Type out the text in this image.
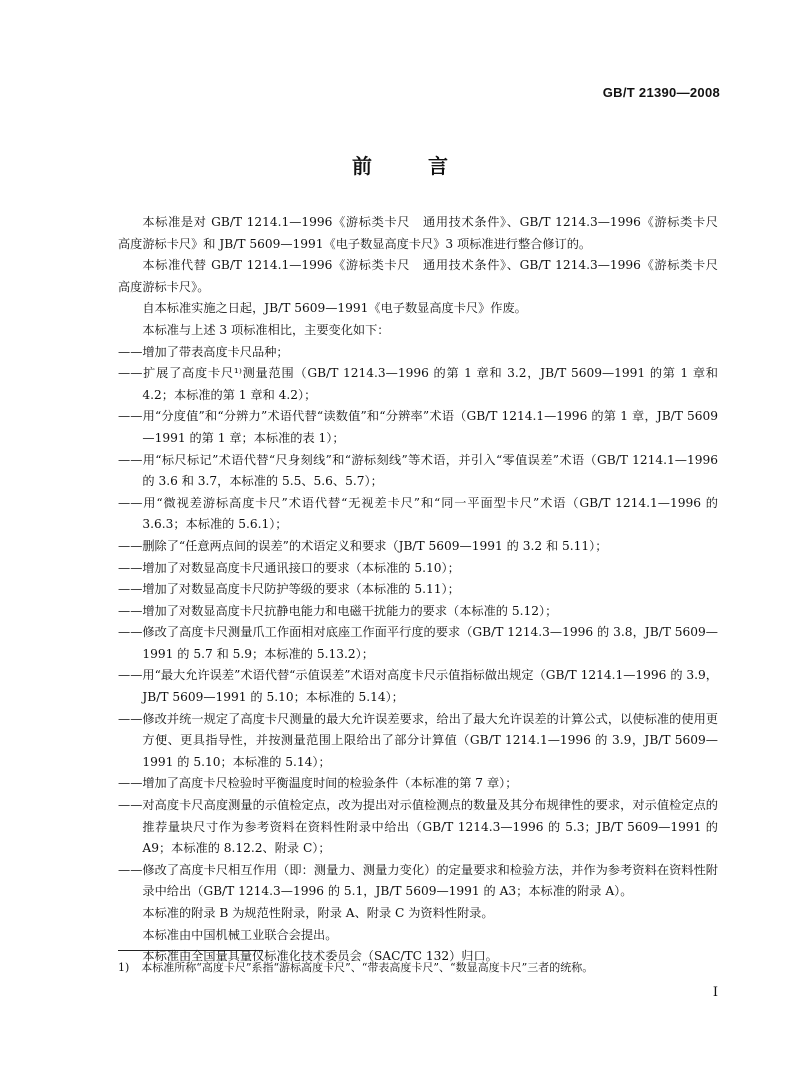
GB/T 21390—2008
前　言

本标准是对 GB/T 1214.1—1996《游标类卡尺　通用技术条件》、GB/T 1214.3—1996《游标类卡尺　高度游标卡尺》和 JB/T 5609—1991《电子数显高度卡尺》3 项标准进行整合修订的。

本标准代替 GB/T 1214.1—1996《游标类卡尺　通用技术条件》、GB/T 1214.3—1996《游标类卡尺　高度游标卡尺》。

自本标准实施之日起，JB/T 5609—1991《电子数显高度卡尺》作废。

本标准与上述 3 项标准相比，主要变化如下：

——增加了带表高度卡尺品种；

——扩展了高度卡尺¹⁾测量范围（GB/T 1214.3—1996 的第 1 章和 3.2，JB/T 5609—1991 的第 1 章和 4.2；本标准的第 1 章和 4.2）；

——用“分度值”和“分辨力”术语代替“读数值”和“分辨率”术语（GB/T 1214.1—1996 的第 1 章，JB/T 5609—1991 的第 1 章；本标准的表 1）；

——用“标尺标记”术语代替“尺身刻线”和“游标刻线”等术语，并引入“零值误差”术语（GB/T 1214.1—1996 的 3.6 和 3.7，本标准的 5.5、5.6、5.7）；

——用“微视差游标高度卡尺”术语代替“无视差卡尺”和“同一平面型卡尺”术语（GB/T 1214.1—1996 的 3.6.3；本标准的 5.6.1）；

——删除了“任意两点间的误差”的术语定义和要求（JB/T 5609—1991 的 3.2 和 5.11）；

——增加了对数显高度卡尺通讯接口的要求（本标准的 5.10）；

——增加了对数显高度卡尺防护等级的要求（本标准的 5.11）；

——增加了对数显高度卡尺抗静电能力和电磁干扰能力的要求（本标准的 5.12）；

——修改了高度卡尺测量爪工作面相对底座工作面平行度的要求（GB/T 1214.3—1996 的 3.8，JB/T 5609—1991 的 5.7 和 5.9；本标准的 5.13.2）；

——用“最大允许误差”术语代替“示值误差”术语对高度卡尺示值指标做出规定（GB/T 1214.1—1996 的 3.9，JB/T 5609—1991 的 5.10；本标准的 5.14）；

——修改并统一规定了高度卡尺测量的最大允许误差要求，给出了最大允许误差的计算公式，以使标准的使用更方便、更具指导性，并按测量范围上限给出了部分计算值（GB/T 1214.1—1996 的 3.9，JB/T 5609—1991 的 5.10；本标准的 5.14）；

——增加了高度卡尺检验时平衡温度时间的检验条件（本标准的第 7 章）；

——对高度卡尺高度测量的示值检定点，改为提出对示值检测点的数量及其分布规律性的要求，对示值检定点的推荐量块尺寸作为参考资料在资料性附录中给出（GB/T 1214.3—1996 的 5.3；JB/T 5609—1991 的 A9；本标准的 8.12.2、附录 C）；

——修改了高度卡尺相互作用（即：测量力、测量力变化）的定量要求和检验方法，并作为参考资料在资料性附录中给出（GB/T 1214.3—1996 的 5.1，JB/T 5609—1991 的 A3；本标准的附录 A）。

本标准的附录 B 为规范性附录，附录 A、附录 C 为资料性附录。

本标准由中国机械工业联合会提出。

本标准由全国量具量仪标准化技术委员会（SAC/TC 132）归口。

1) 本标准所称“高度卡尺”系指“游标高度卡尺”、“带表高度卡尺”、“数显高度卡尺”三者的统称。
I
